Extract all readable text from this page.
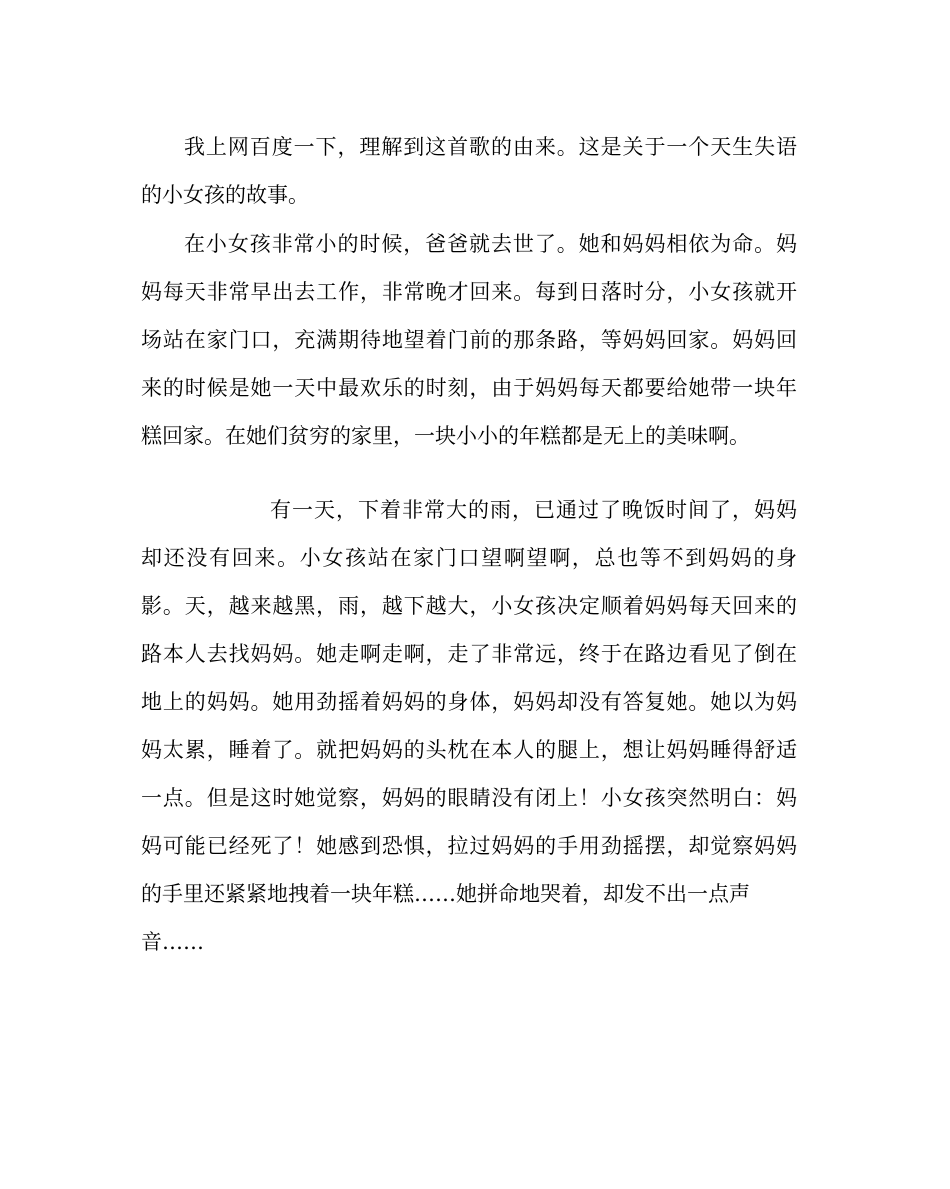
我上网百度一下，理解到这首歌的由来。这是关于一个天生失语
的小女孩的故事。
在小女孩非常小的时候，爸爸就去世了。她和妈妈相依为命。妈
妈每天非常早出去工作，非常晚才回来。每到日落时分，小女孩就开
场站在家门口，充满期待地望着门前的那条路，等妈妈回家。妈妈回
来的时候是她一天中最欢乐的时刻，由于妈妈每天都要给她带一块年
糕回家。在她们贫穷的家里，一块小小的年糕都是无上的美味啊。
有一天，下着非常大的雨，已通过了晚饭时间了，妈妈
却还没有回来。小女孩站在家门口望啊望啊，总也等不到妈妈的身
影。天，越来越黑，雨，越下越大，小女孩决定顺着妈妈每天回来的
路本人去找妈妈。她走啊走啊，走了非常远，终于在路边看见了倒在
地上的妈妈。她用劲摇着妈妈的身体，妈妈却没有答复她。她以为妈
妈太累，睡着了。就把妈妈的头枕在本人的腿上，想让妈妈睡得舒适
一点。但是这时她觉察，妈妈的眼睛没有闭上！小女孩突然明白：妈
妈可能已经死了！她感到恐惧，拉过妈妈的手用劲摇摆，却觉察妈妈
的手里还紧紧地拽着一块年糕……她拼命地哭着，却发不出一点声
音……
